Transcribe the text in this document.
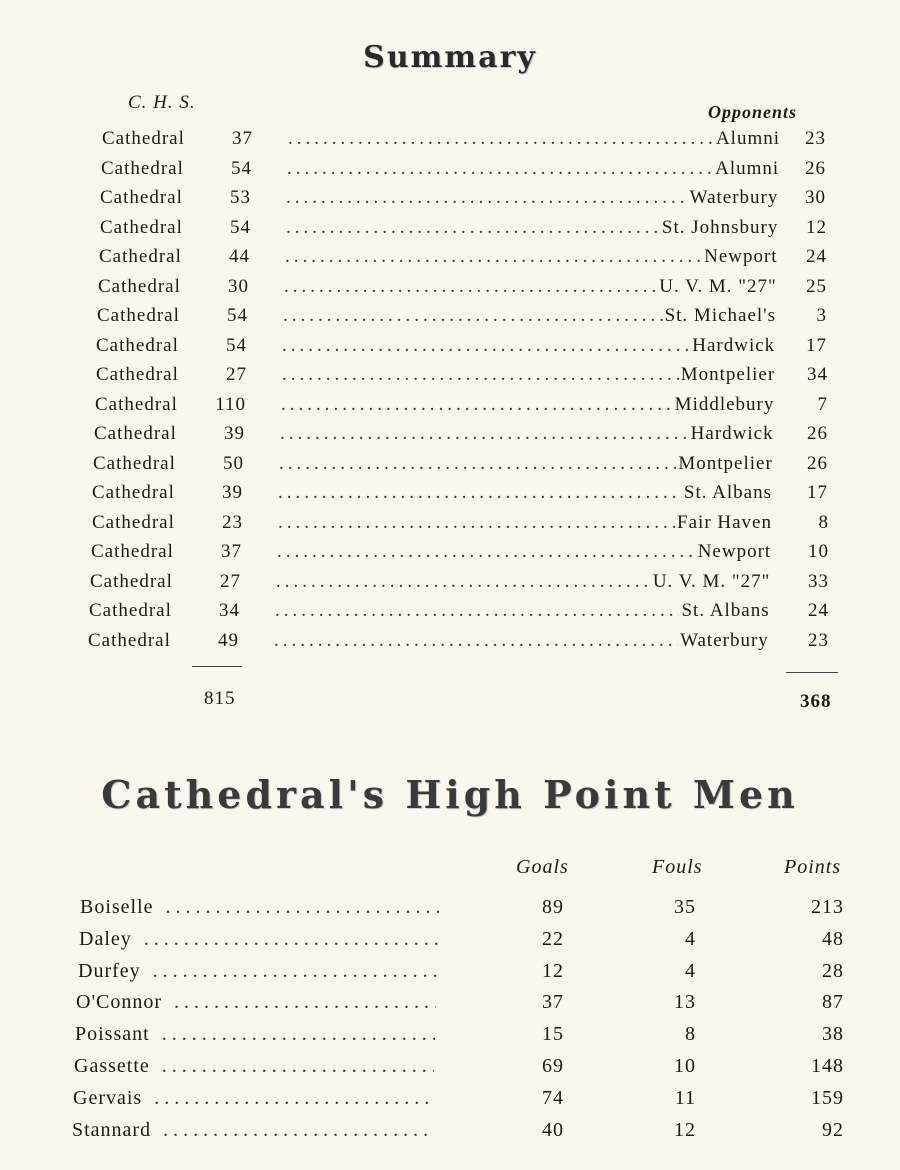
Summary
C. H. S.	Opponents
Cathedral	37 .....	Alumni	23
Cathedral	54 .....	Alumni	26
Cathedral	53 .....	Waterbury	30
Cathedral	54 .....	St. Johnsbury	12
Cathedral	44 .....	Newport	24
Cathedral	30 .....	U. V. M. "27"	25
Cathedral	54 .....	St. Michael's	3
Cathedral	54 .....	Hardwick	17
Cathedral	27 .....	Montpelier	34
Cathedral	110 .....	Middlebury	7
Cathedral	39 .....	Hardwick	26
Cathedral	50 .....	Montpelier	26
Cathedral	39 .....	St. Albans	17
Cathedral	23 .....	Fair Haven	8
Cathedral	37 .....	Newport	10
Cathedral	27 .....	U. V. M. "27"	33
Cathedral	34 .....	St. Albans	24
Cathedral	49 .....	Waterbury	23
815	368
Cathedral's High Point Men
Goals	Fouls	Points
Boiselle .....	89	35	213
Daley .....	22	4	48
Durfey .....	12	4	28
O'Connor .....	37	13	87
Poissant .....	15	8	38
Gassette .....	69	10	148
Gervais .....	74	11	159
Stannard .....	40	12	92
